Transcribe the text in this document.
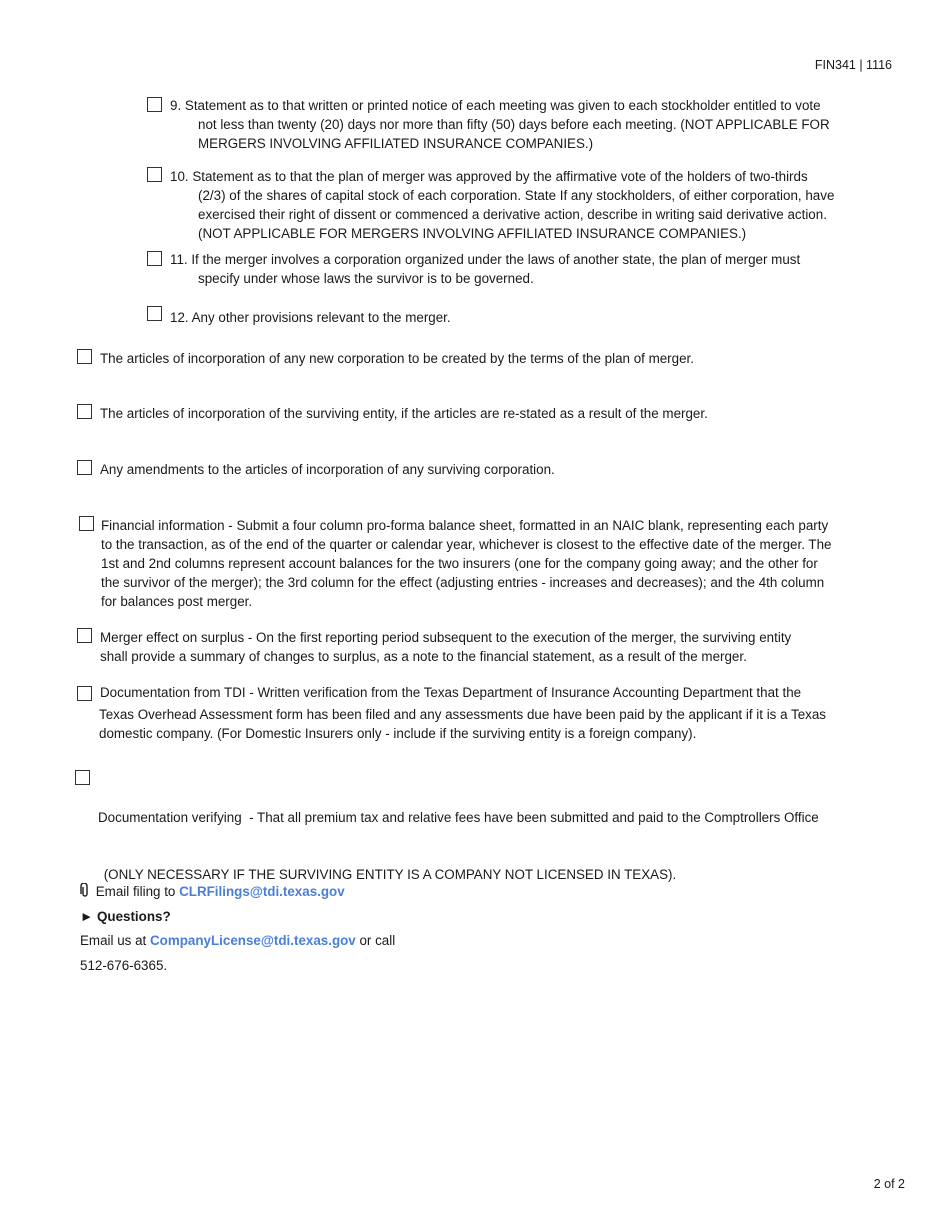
FIN341 | 1116
9. Statement as to that written or printed notice of each meeting was given to each stockholder entitled to vote
not less than twenty (20) days nor more than fifty (50) days before each meeting. (NOT APPLICABLE FOR
MERGERS INVOLVING AFFILIATED INSURANCE COMPANIES.)
10. Statement as to that the plan of merger was approved by the affirmative vote of the holders of two-thirds
(2/3) of the shares of capital stock of each corporation. State If any stockholders, of either corporation, have
exercised their right of dissent or commenced a derivative action, describe in writing said derivative action.
(NOT APPLICABLE FOR MERGERS INVOLVING AFFILIATED INSURANCE COMPANIES.)
11. If the merger involves a corporation organized under the laws of another state, the plan of merger must
specify under whose laws the survivor is to be governed.
12. Any other provisions relevant to the merger.
The articles of incorporation of any new corporation to be created by the terms of the plan of merger.
The articles of incorporation of the surviving entity, if the articles are re-stated as a result of the merger.
Any amendments to the articles of incorporation of any surviving corporation.
Financial information - Submit a four column pro-forma balance sheet, formatted in an NAIC blank, representing each party
to the transaction, as of the end of the quarter or calendar year, whichever is closest to the effective date of the merger. The
1st and 2nd columns represent account balances for the two insurers (one for the company going away; and the other for
the survivor of the merger); the 3rd column for the effect (adjusting entries - increases and decreases); and the 4th column
for balances post merger.
Merger effect on surplus - On the first reporting period subsequent to the execution of the merger, the surviving entity
shall provide a summary of changes to surplus, as a note to the financial statement, as a result of the merger.
Documentation from TDI - Written verification from the Texas Department of Insurance Accounting Department that the
Texas Overhead Assessment form has been filed and any assessments due have been paid by the applicant if it is a Texas
domestic company. (For Domestic Insurers only - include if the surviving entity is a foreign company).

Documentation verifying  - That all premium tax and relative fees have been submitted and paid to the Comptrollers Office

(ONLY NECESSARY IF THE SURVIVING ENTITY IS A COMPANY NOT LICENSED IN TEXAS).

Email filing to CLRFilings@tdi.texas.gov
► Questions?
Email us at CompanyLicense@tdi.texas.gov or call
512-676-6365.
2 of 2
